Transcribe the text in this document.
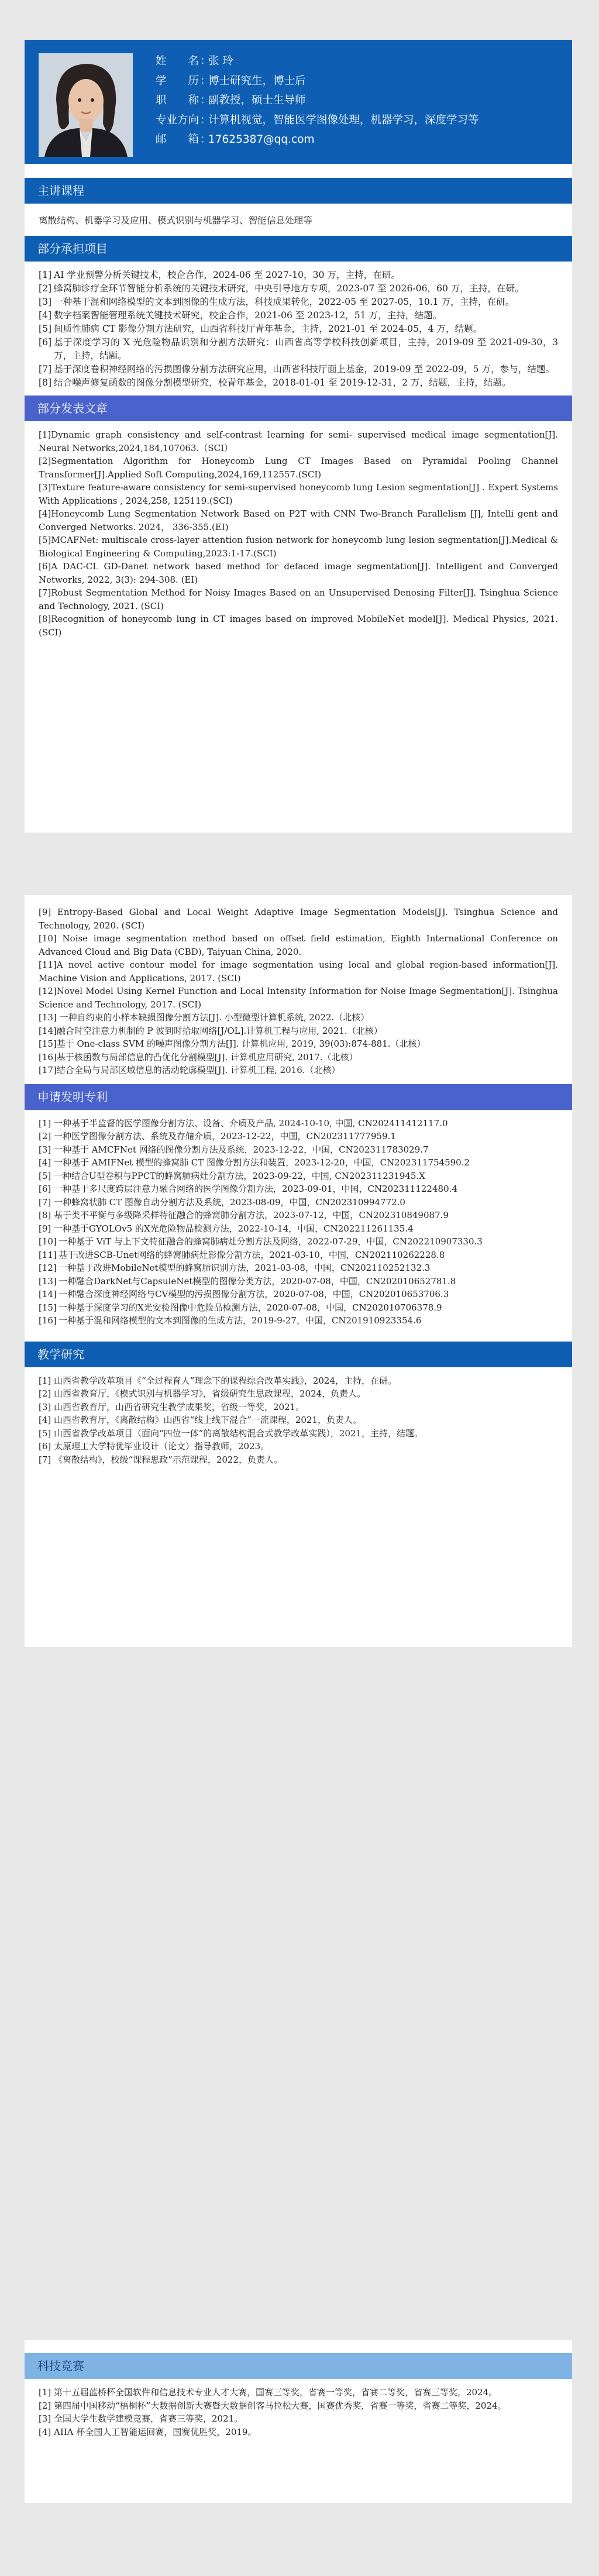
姓　　名 ：张 玲
学　　历 ：博士研究生，博士后
职　　称 ：副教授，硕士生导师
专业方向 ：计算机视觉，智能医学图像处理，机器学习，深度学习等
邮　　箱 ：17625387@qq.com
主讲课程
离散结构、机器学习及应用、模式识别与机器学习、智能信息处理等
部分承担项目
[1] AI 学业预警分析关键技术，校企合作，2024-06 至 2027-10，30 万，主持，在研。
[2] 蜂窝肺诊疗全环节智能分析系统的关键技术研究，中央引导地方专项，2023-07 至 2026-06，60 万，主持，在研。
[3] 一种基于混和网络模型的文本到图像的生成方法，科技成果转化，2022-05 至 2027-05，10.1 万，主持，在研。
[4] 数字档案智能管理系统关键技术研究，校企合作，2021-06 至 2023-12，51 万，主持，结题。
[5] 间质性肺病 CT 影像分割方法研究，山西省科技厅青年基金，主持，2021-01 至 2024-05，4 万，结题。
[6] 基于深度学习的 X 光危险物品识别和分割方法研究：山西省高等学校科技创新项目，主持，2019-09 至 2021-09-30，3 万，主持，结题。
[7] 基于深度卷积神经网络的污损图像分割方法研究应用，山西省科技厅面上基金，2019-09 至 2022-09，5 万，参与，结题。
[8] 结合噪声修复函数的图像分割模型研究，校青年基金，2018-01-01 至 2019-12-31，2 万，结题，主持，结题。
部分发表文章
[1]Dynamic graph consistency and self-contrast learning for semi- supervised medical image segmentation[J]. Neural Networks,2024,184,107063.（SCI）
[2]Segmentation Algorithm for Honeycomb Lung CT Images Based on Pyramidal Pooling Channel Transformer[J].Applied Soft Computing,2024,169,112557.(SCI)
[3]Texture feature-aware consistency for semi-supervised honeycomb lung Lesion segmentation[J] . Expert Systems With Applications , 2024,258, 125119.(SCI)
[4]Honeycomb Lung Segmentation Network Based on P2T with CNN Two-Branch Parallelism [J], Intelli gent and Converged Networks. 2024， 336-355.(EI)
[5]MCAFNet: multiscale cross-layer attention fusion network for honeycomb lung lesion segmentation[J].Medical & Biological Engineering & Computing,2023:1-17.(SCI)
[6]A DAC-CL GD-Danet network based method for defaced image segmentation[J]. Intelligent and Converged Networks, 2022, 3(3): 294-308. (EI)
[7]Robust Segmentation Method for Noisy Images Based on an Unsupervised Denosing Filter[J]. Tsinghua Science and Technology, 2021. (SCI)
[8]Recognition of honeycomb lung in CT images based on improved MobileNet model[J]. Medical Physics, 2021. (SCI)
[9] Entropy-Based Global and Local Weight Adaptive Image Segmentation Models[J]. Tsinghua Science and Technology, 2020. (SCI)
[10] Noise image segmentation method based on offset field estimation, Eighth International Conference on Advanced Cloud and Big Data (CBD), Taiyuan China, 2020.
[11]A novel active contour model for image segmentation using local and global region-based information[J]. Machine Vision and Applications, 2017. (SCI)
[12]Novel Model Using Kernel Function and Local Intensity Information for Noise Image Segmentation[J]. Tsinghua Science and Technology, 2017. (SCI)
[13] 一种自约束的小样本缺损图像分割方法[J]. 小型微型计算机系统, 2022.（北核）
[14]融合时空注意力机制的 P 波到时拾取网络[J/OL].计算机工程与应用, 2021.（北核）
[15]基于 One-class SVM 的噪声图像分割方法[J]. 计算机应用, 2019, 39(03):874-881.（北核）
[16]基于核函数与局部信息的凸优化分割模型[J]. 计算机应用研究, 2017.（北核）
[17]结合全局与局部区域信息的活动轮廓模型[J]. 计算机工程, 2016.（北核）
申请发明专利
[1] 一种基于半监督的医学图像分割方法、设备、介质及产品, 2024-10-10, 中国, CN202411412117.0
[2] 一种医学图像分割方法、系统及存储介质，2023-12-22，中国，CN202311777959.1
[3] 一种基于 AMCFNet 网络的图像分割方法及系统，2023-12-22，中国，CN202311783029.7
[4] 一种基于 AMIFNet 模型的蜂窝肺 CT 图像分割方法和装置，2023-12-20，中国，CN202311754590.2
[5] 一种结合U型卷积与PPCT的蜂窝肺病灶分割方法，2023-09-22，中国, CN202311231945.X
[6] 一种基于多尺度跨层注意力融合网络的医学图像分割方法，2023-09-01，中国，CN202311122480.4
[7] 一种蜂窝状肺 CT 图像自动分割方法及系统，2023-08-09，中国，CN202310994772.0
[8] 基于类不平衡与多级降采样特征融合的蜂窝肺分割方法，2023-07-12，中国，CN202310849087.9
[9] 一种基于GYOLOv5 的X光危险物品检测方法，2022-10-14，中国，CN202211261135.4
[10] 一种基于 ViT 与上下文特征融合的蜂窝肺病灶分割方法及网络，2022-07-29，中国，CN202210907330.3
[11] 基于改进SCB-Unet网络的蜂窝肺病灶影像分割方法，2021-03-10，中国，CN202110262228.8
[12] 一种基于改进MobileNet模型的蜂窝肺识别方法，2021-03-08，中国，CN202110252132.3
[13] 一种融合DarkNet与CapsuleNet模型的图像分类方法，2020-07-08，中国，CN202010652781.8
[14] 一种融合深度神经网络与CV模型的污损图像分割方法，2020-07-08，中国，CN202010653706.3
[15] 一种基于深度学习的X光安检图像中危险品检测方法，2020-07-08，中国，CN202010706378.9
[16] 一种基于混和网络模型的文本到图像的生成方法，2019-9-27，中国，CN201910923354.6
教学研究
[1] 山西省教学改革项目《“全过程育人”理念下的课程综合改革实践》，2024，主持，在研。
[2] 山西省教育厅，《模式识别与机器学习》，省级研究生思政课程，2024，负责人。
[3] 山西省教育厅，山西省研究生教学成果奖，省级一等奖，2021。
[4] 山西省教育厅，《离散结构》山西省“线上线下混合”一流课程，2021，负责人。
[5] 山西省教学改革项目（面向“四位一体”的离散结构混合式教学改革实践），2021，主持，结题。
[6] 太原理工大学特优毕业设计（论文）指导教师，2023。
[7] 《离散结构》，校级“课程思政”示范课程，2022，负责人。
科技竞赛
[1] 第十五届蓝桥杯全国软件和信息技术专业人才大赛，国赛三等奖，省赛一等奖，省赛二等奖，省赛三等奖，2024。
[2] 第四届中国移动“梧桐杯”大数据创新大赛暨大数据创客马拉松大赛，国赛优秀奖，省赛一等奖，省赛二等奖，2024。
[3] 全国大学生数学建模竞赛，省赛三等奖，2021。
[4] AIIA 杯全国人工智能运回赛，国赛优胜奖，2019。
